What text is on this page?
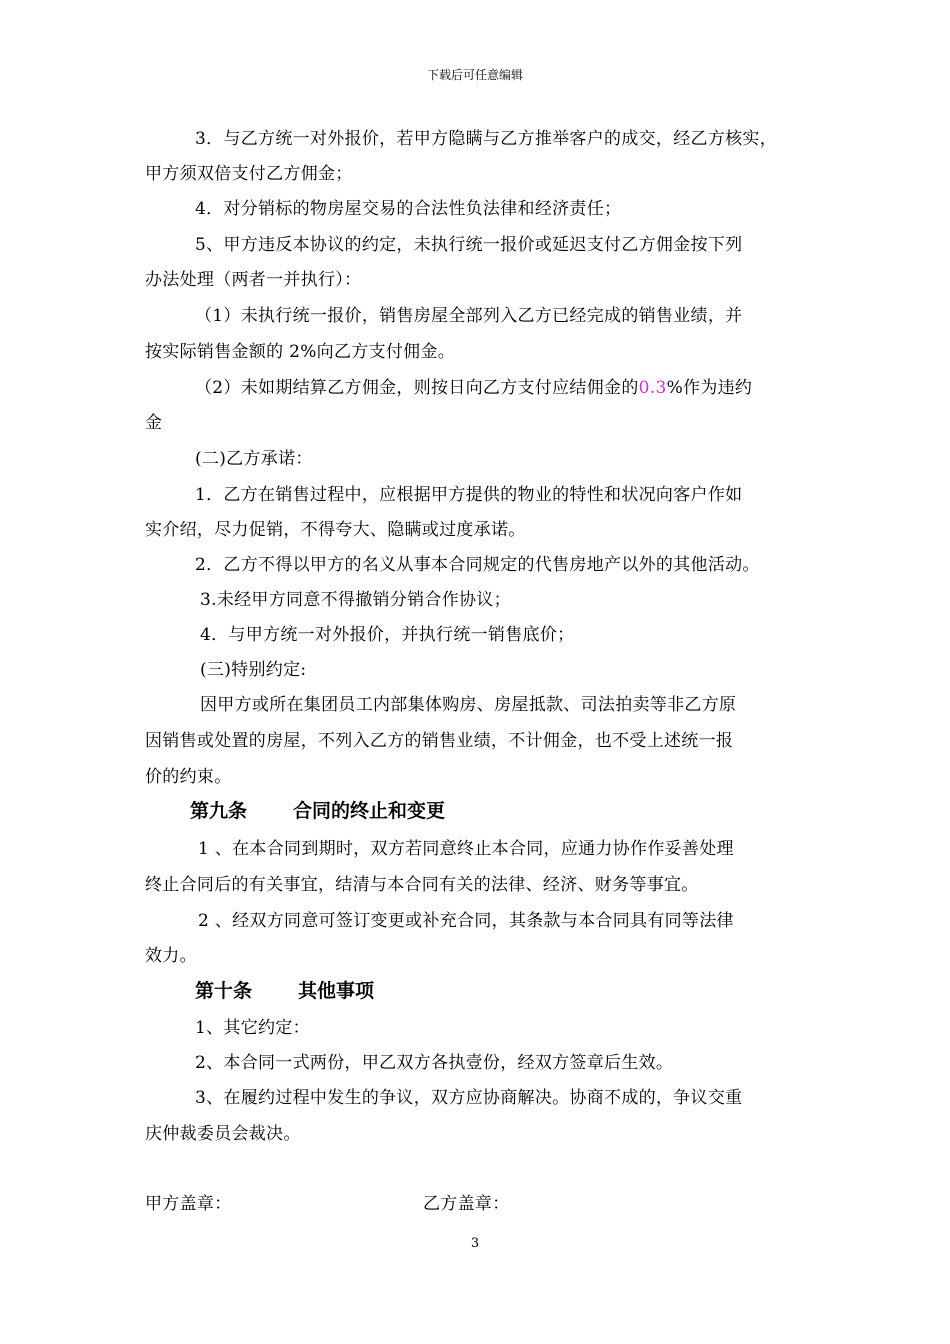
下载后可任意编辑
3．与乙方统一对外报价，若甲方隐瞒与乙方推举客户的成交，经乙方核实，
甲方须双倍支付乙方佣金；
4．对分销标的物房屋交易的合法性负法律和经济责任；
5、甲方违反本协议的约定，未执行统一报价或延迟支付乙方佣金按下列
办法处理（两者一并执行）：
（1）未执行统一报价，销售房屋全部列入乙方已经完成的销售业绩，并
按实际销售金额的 2%向乙方支付佣金。
（2）未如期结算乙方佣金，则按日向乙方支付应结佣金的0.3%作为违约
金
(二)乙方承诺：
1．乙方在销售过程中，应根据甲方提供的物业的特性和状况向客户作如
实介绍，尽力促销，不得夸大、隐瞒或过度承诺。
2．乙方不得以甲方的名义从事本合同规定的代售房地产以外的其他活动。
3.未经甲方同意不得撤销分销合作协议；
4．与甲方统一对外报价，并执行统一销售底价；
(三)特别约定:
因甲方或所在集团员工内部集体购房、房屋抵款、司法拍卖等非乙方原
因销售或处置的房屋，不列入乙方的销售业绩，不计佣金，也不受上述统一报
价的约束。
第九条 合同的终止和变更
1 、在本合同到期时，双方若同意终止本合同，应通力协作作妥善处理
终止合同后的有关事宜，结清与本合同有关的法律、经济、财务等事宜。
2 、经双方同意可签订变更或补充合同，其条款与本合同具有同等法律
效力。
第十条 其他事项
1、其它约定：
2、本合同一式两份，甲乙双方各执壹份，经双方签章后生效。
3、在履约过程中发生的争议，双方应协商解决。协商不成的，争议交重
庆仲裁委员会裁决。
甲方盖章：	乙方盖章：
3
